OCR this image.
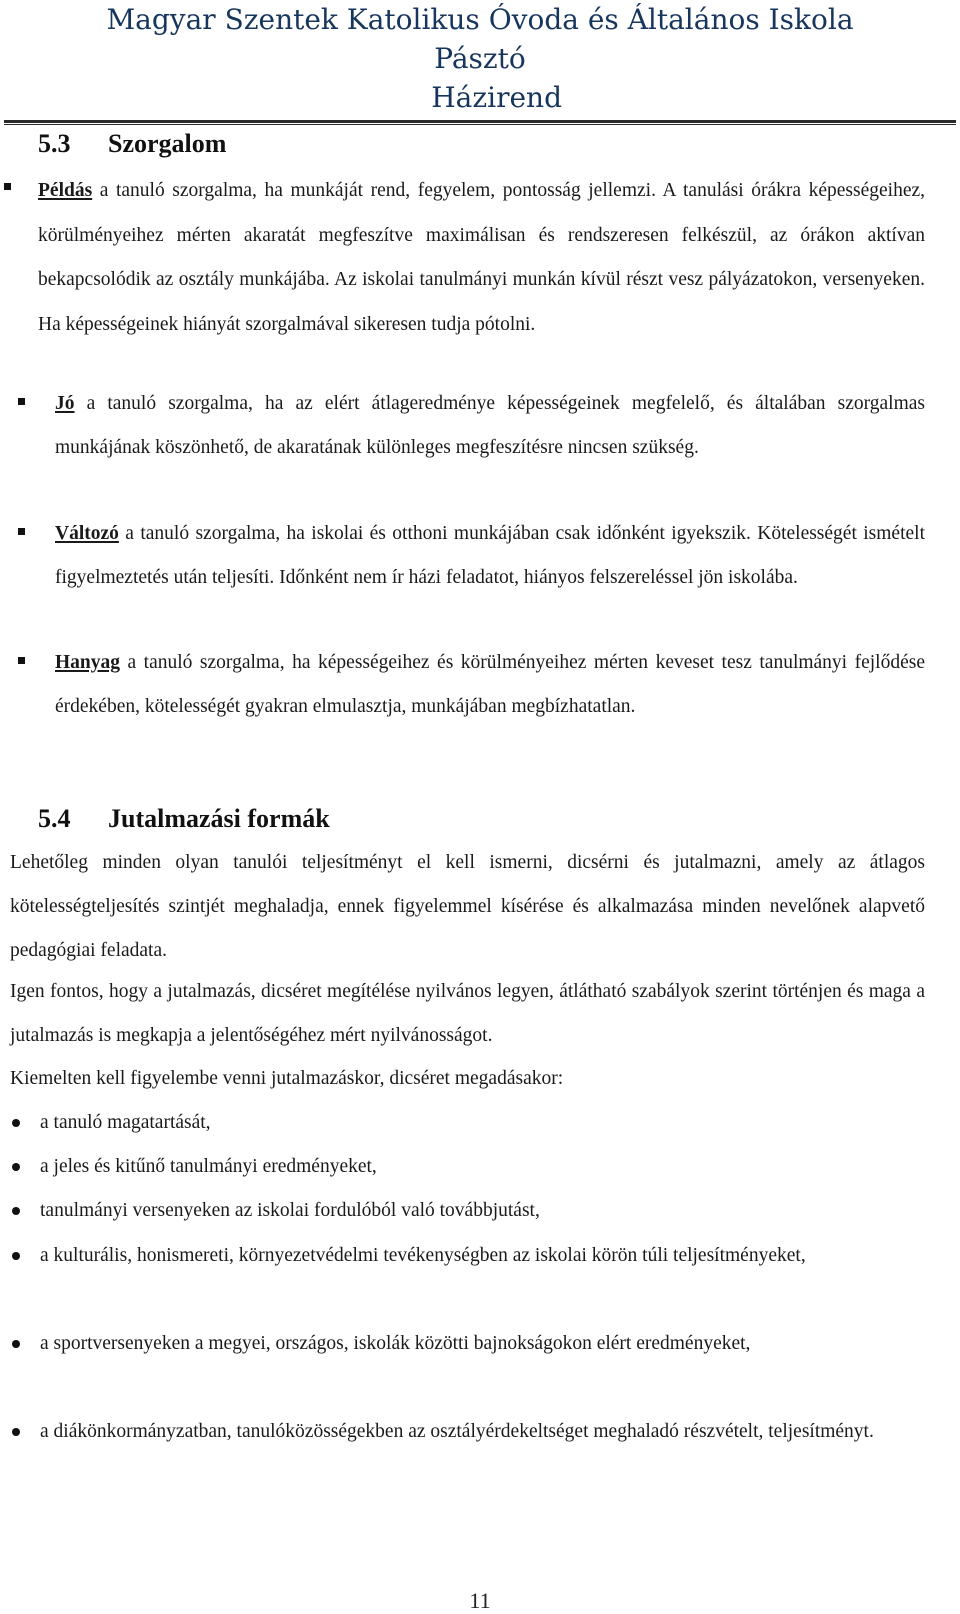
Magyar Szentek Katolikus Óvoda és Általános Iskola
Pásztó
Házirend
5.3 Szorgalom
Példás a tanuló szorgalma, ha munkáját rend, fegyelem, pontosság jellemzi. A tanulási órákra képességeihez, körülményeihez mérten akaratát megfeszítve maximálisan és rendszeresen felkészül, az órákon aktívan bekapcsolódik az osztály munkájába. Az iskolai tanulmányi munkán kívül részt vesz pályázatokon, versenyeken. Ha képességeinek hiányát szorgalmával sikeresen tudja pótolni.
Jó a tanuló szorgalma, ha az elért átlageredménye képességeinek megfelelő, és általában szorgalmas munkájának köszönhető, de akaratának különleges megfeszítésre nincsen szükség.
Változó a tanuló szorgalma, ha iskolai és otthoni munkájában csak időnként igyekszik. Kötelességét ismételt figyelmeztetés után teljesíti. Időnként nem ír házi feladatot, hiányos felszereléssel jön iskolába.
Hanyag a tanuló szorgalma, ha képességeihez és körülményeihez mérten keveset tesz tanulmányi fejlődése érdekében, kötelességét gyakran elmulasztja, munkájában megbízhatatlan.
5.4 Jutalmazási formák
Lehetőleg minden olyan tanulói teljesítményt el kell ismerni, dicsérni és jutalmazni, amely az átlagos kötelességteljesítés szintjét meghaladja, ennek figyelemmel kísérése és alkalmazása minden nevelőnek alapvető pedagógiai feladata.
Igen fontos, hogy a jutalmazás, dicséret megítélése nyilvános legyen, átlátható szabályok szerint történjen és maga a jutalmazás is megkapja a jelentőségéhez mért nyilvánosságot.
Kiemelten kell figyelembe venni jutalmazáskor, dicséret megadásakor:
a tanuló magatartását,
a jeles és kitűnő tanulmányi eredményeket,
tanulmányi versenyeken az iskolai fordulóból való továbbjutást,
a kulturális, honismereti, környezetvédelmi tevékenységben az iskolai körön túli teljesítményeket,
a sportversenyeken a megyei, országos, iskolák közötti bajnokságokon elért eredményeket,
a diákönkormányzatban, tanulóközösségekben az osztályérdekeltséget meghaladó részvételt, teljesítményt.
11
